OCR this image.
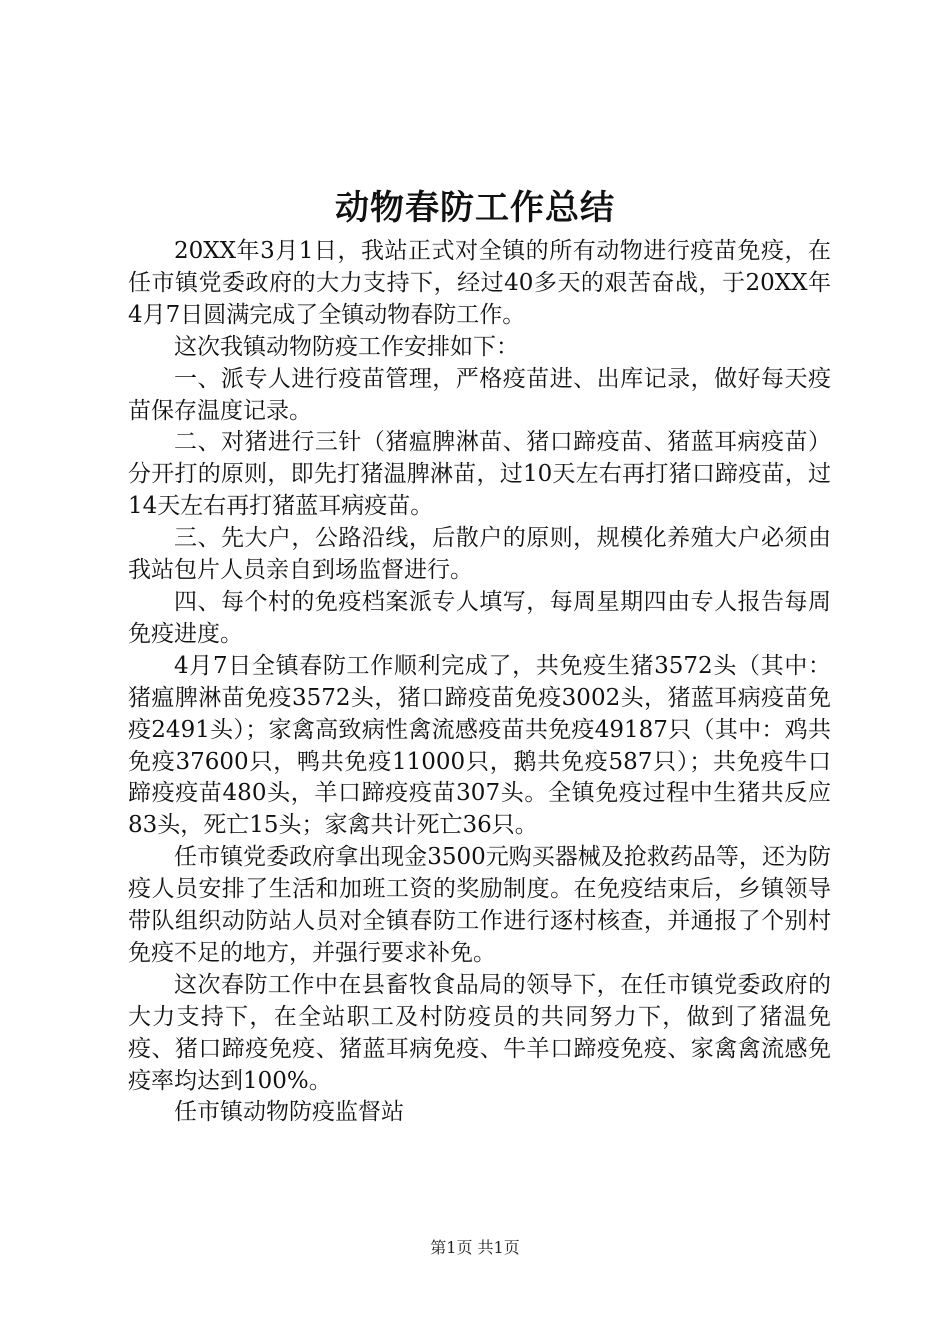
动物春防工作总结

20XX年3月1日，我站正式对全镇的所有动物进行疫苗免疫，在任市镇党委政府的大力支持下，经过40多天的艰苦奋战，于20XX年4月7日圆满完成了全镇动物春防工作。

这次我镇动物防疫工作安排如下：

一、派专人进行疫苗管理，严格疫苗进、出库记录，做好每天疫苗保存温度记录。

二、对猪进行三针（猪瘟脾淋苗、猪口蹄疫苗、猪蓝耳病疫苗）分开打的原则，即先打猪温脾淋苗，过10天左右再打猪口蹄疫苗，过14天左右再打猪蓝耳病疫苗。

三、先大户，公路沿线，后散户的原则，规模化养殖大户必须由我站包片人员亲自到场监督进行。

四、每个村的免疫档案派专人填写，每周星期四由专人报告每周免疫进度。

4月7日全镇春防工作顺利完成了，共免疫生猪3572头（其中：猪瘟脾淋苗免疫3572头，猪口蹄疫苗免疫3002头，猪蓝耳病疫苗免疫2491头）；家禽高致病性禽流感疫苗共免疫49187只（其中：鸡共免疫37600只，鸭共免疫11000只，鹅共免疫587只）；共免疫牛口蹄疫疫苗480头，羊口蹄疫疫苗307头。全镇免疫过程中生猪共反应83头，死亡15头；家禽共计死亡36只。

任市镇党委政府拿出现金3500元购买器械及抢救药品等，还为防疫人员安排了生活和加班工资的奖励制度。在免疫结束后，乡镇领导带队组织动防站人员对全镇春防工作进行逐村核查，并通报了个别村免疫不足的地方，并强行要求补免。

这次春防工作中在县畜牧食品局的领导下，在任市镇党委政府的大力支持下，在全站职工及村防疫员的共同努力下，做到了猪温免疫、猪口蹄疫免疫、猪蓝耳病免疫、牛羊口蹄疫免疫、家禽禽流感免疫率均达到100%。

任市镇动物防疫监督站

第1页 共1页
